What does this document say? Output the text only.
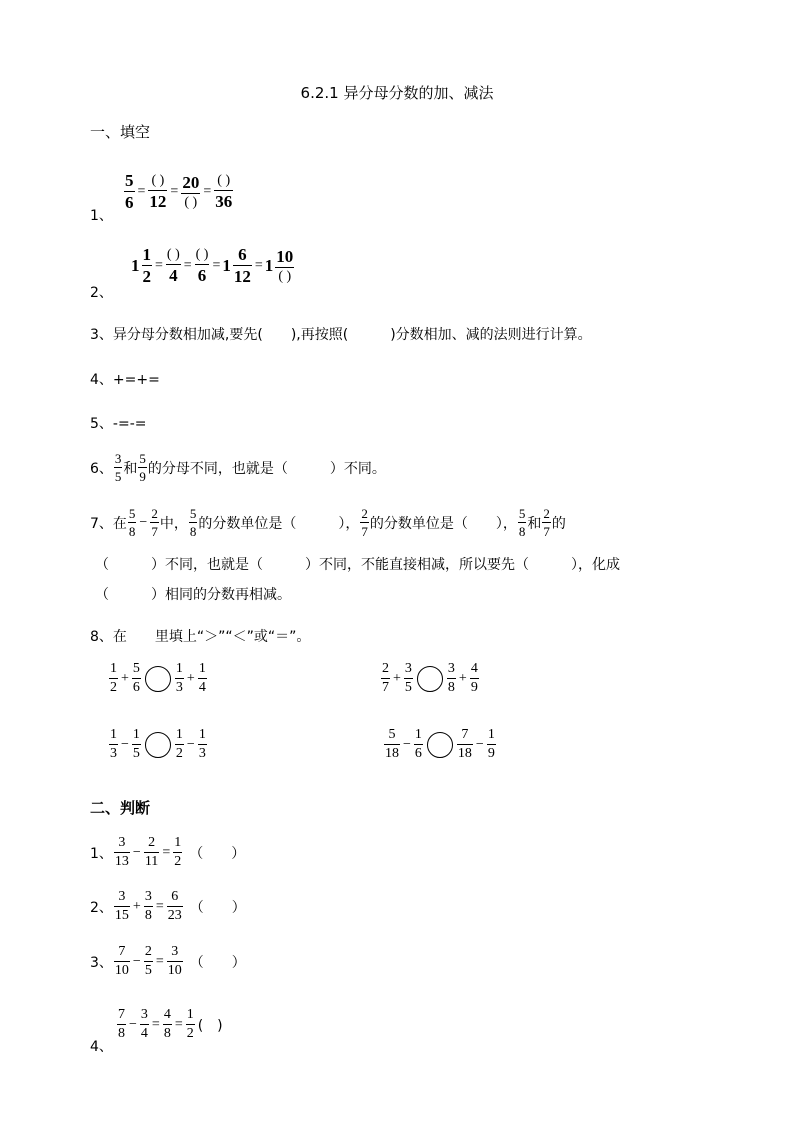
6.2.1 异分母分数的加、减法
一、填空
1、
$\frac{5}{6} = \frac{( )}{12} = \frac{20}{( )} = \frac{( )}{36}$
2、
$1 \frac{1}{2} = \frac{( )}{4} = \frac{( )}{6} = 1 \frac{6}{12} = 1 \frac{10}{( )}$
3、异分母分数相加减,要先(　　),再按照(　　　)分数相加、减的法则进行计算。
4、+=+=
5、-=-=
6、 $\frac{3}{5}$ 和 $\frac{5}{9}$ 的分母不同，也就是（　　　）不同。
7、在 $\frac{5}{8} - \frac{2}{7}$ 中， $\frac{5}{8}$ 的分数单位是（　　　）， $\frac{2}{7}$ 的分数单位是（　　）， $\frac{5}{8}$ 和 $\frac{2}{7}$ 的
（　　　）不同，也就是（　　　）不同，不能直接相减，所以要先（　　　），化成
（　　　）相同的分数再相减。
8、在　　里填上“＞”“＜”或“＝”。
$\frac{1}{2} + \frac{5}{6} \frac{1}{3} + \frac{1}{4}$	$\frac{2}{7} + \frac{3}{5} \frac{3}{8} + \frac{4}{9}$
$\frac{1}{3} - \frac{1}{5} \frac{1}{2} - \frac{1}{3}$	$\frac{5}{18} - \frac{1}{6} \frac{7}{18} - \frac{1}{9}$
二、判断
1、 $\frac{3}{13} - \frac{2}{11} = \frac{1}{2}$ （　　）
2、 $\frac{3}{15} + \frac{3}{8} = \frac{6}{23}$ （　　）
3、 $\frac{7}{10} - \frac{2}{5} = \frac{3}{10}$ （　　）
4、
$\frac{7}{8} - \frac{3}{4} = \frac{4}{8} = \frac{1}{2}$ (　)
